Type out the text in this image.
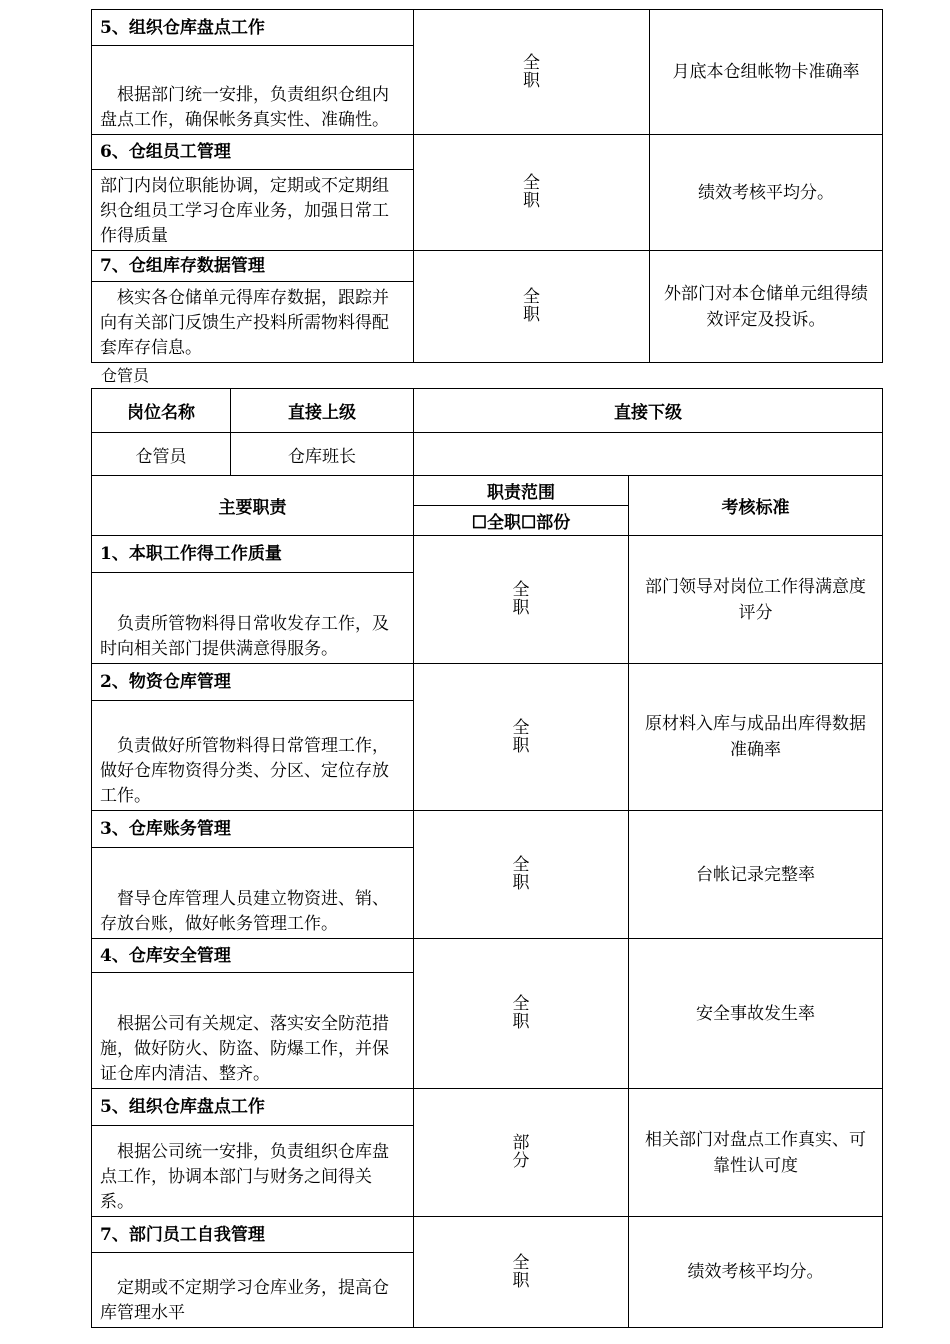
5、组织仓库盘点工作	全职	月底本仓组帐物卡准确率
　根据部门统一安排，负责组织仓组内盘点工作，确保帐务真实性、准确性。		
6、仓组员工管理	全职	绩效考核平均分。
部门内岗位职能协调，定期或不定期组织仓组员工学习仓库业务，加强日常工作得质量		
7、仓组库存数据管理	全职	外部门对本仓储单元组得绩效评定及投诉。
　核实各仓储单元得库存数据，跟踪并向有关部门反馈生产投料所需物料得配套库存信息。		
仓管员
岗位名称	直接上级	直接下级	
仓管员	仓库班长		
主要职责		职责范围	考核标准
		☐全职☐部份	
1、本职工作得工作质量		全职	部门领导对岗位工作得满意度评分
　负责所管物料得日常收发存工作，及时向相关部门提供满意得服务。			
2、物资仓库管理		全职	原材料入库与成品出库得数据准确率
　负责做好所管物料得日常管理工作，做好仓库物资得分类、分区、定位存放工作。			
3、仓库账务管理		全职	台帐记录完整率
　督导仓库管理人员建立物资进、销、存放台账，做好帐务管理工作。			
4、仓库安全管理		全职	安全事故发生率
　根据公司有关规定、落实安全防范措施，做好防火、防盗、防爆工作，并保证仓库内清洁、整齐。			
5、组织仓库盘点工作		部分	相关部门对盘点工作真实、可靠性认可度
　根据公司统一安排，负责组织仓库盘点工作，协调本部门与财务之间得关系。			
7、部门员工自我管理		全职	绩效考核平均分。
　定期或不定期学习仓库业务，提高仓库管理水平			
